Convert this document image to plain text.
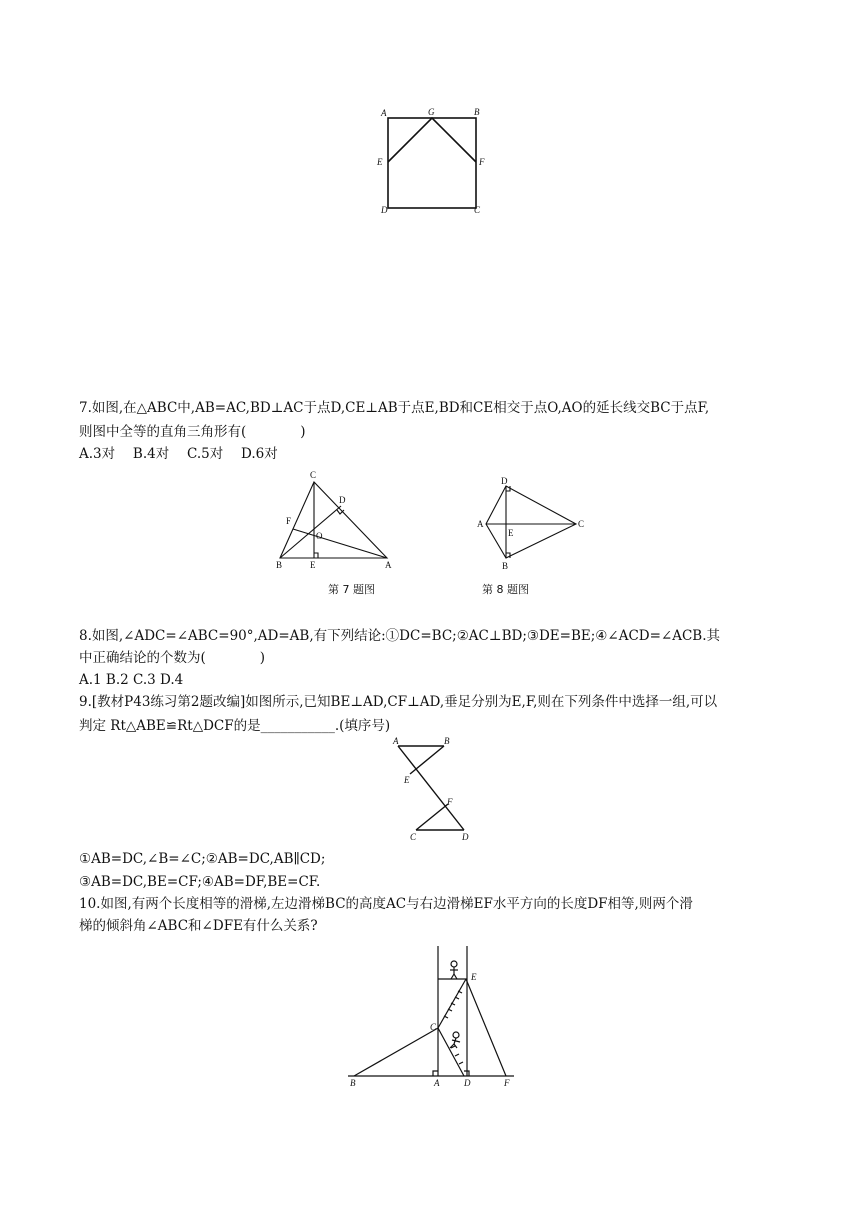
A	G	B
E	F
D	C
7.如图,在△ABC中,AB=AC,BD⊥AC于点D,CE⊥AB于点E,BD和CE相交于点O,AO的延长线交BC于点F,
则图中全等的直角三角形有(　　　　)
A.3对　 B.4对　 C.5对　 D.6对
C
D
F
O
B	E	A
D
A
E
C
B
第 7 题图	第 8 题图
8.如图,∠ADC=∠ABC=90°,AD=AB,有下列结论:①DC=BC;②AC⊥BD;③DE=BE;④∠ACD=∠ACB.其
中正确结论的个数为(　　　　)
A.1 B.2 C.3 D.4
9.[教材P43练习第2题改编]如图所示,已知BE⊥AD,CF⊥AD,垂足分别为E,F,则在下列条件中选择一组,可以
判定 Rt△ABE≌Rt△DCF的是___________.(填序号)
A	B
E
F
C	D
①AB=DC,∠B=∠C;②AB=DC,AB∥CD;
③AB=DC,BE=CF;④AB=DF,BE=CF.
10.如图,有两个长度相等的滑梯,左边滑梯BC的高度AC与右边滑梯EF水平方向的长度DF相等,则两个滑
梯的倾斜角∠ABC和∠DFE有什么关系?
E
C
B	A	D	F
